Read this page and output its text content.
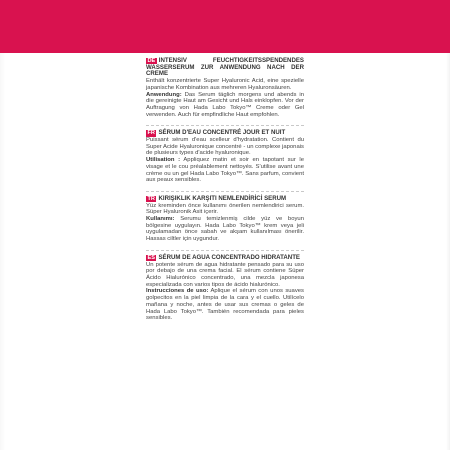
DE INTENSIV FEUCHTIGKEITSSPENDENDES WASSERSERUM ZUR ANWENDUNG NACH DER CREME

Enthält konzentrierte Super Hyaluronic Acid, eine spezielle japanische Kombination aus mehreren Hyaluronsäuren.

Anwendung: Das Serum täglich morgens und abends in die gereinigte Haut am Gesicht und Hals einklopfen. Vor der Auftragung von Hada Labo Tokyo™ Creme oder Gel verwenden. Auch für empfindliche Haut empfohlen.

FR SÉRUM D'EAU CONCENTRÉ JOUR ET NUIT

Puissant sérum d'eau scelleur d'hydratation. Contient du Super Acide Hyaluronique concentré - un complexe japonais de plusieurs types d'acide hyaluronique.

Utilisation : Appliquez matin et soir en tapotant sur le visage et le cou préalablement nettoyés. S'utilise avant une crème ou un gel Hada Labo Tokyo™. Sans parfum, convient aux peaux sensibles.

TR KIRIŞIKLIK KARŞITI NEMLENDİRİCİ SERUM

Yüz kreminden önce kullanımı önerilen nemlendirici serum. Süper Hyaluronik Asit içerir.

Kullanımı: Serumu temizlenmiş cilde yüz ve boyun bölgesine uygulayın. Hada Labo Tokyo™ krem veya jeli uygulamadan önce sabah ve akşam kullanılması önerilir. Hassas ciltler için uygundur.

ES SÉRUM DE AGUA CONCENTRADO HIDRATANTE

Un potente sérum de agua hidratante pensado para su uso por debajo de una crema facial. El sérum contiene Súper Ácido Hialurónico concentrado, una mezcla japonesa especializada con varios tipos de ácido hialurónico.

Instrucciones de uso: Aplique el sérum con unos suaves golpecitos en la piel limpia de la cara y el cuello. Utilícelo mañana y noche, antes de usar sus cremas o geles de Hada Labo Tokyo™. También recomendada para pieles sensibles.
